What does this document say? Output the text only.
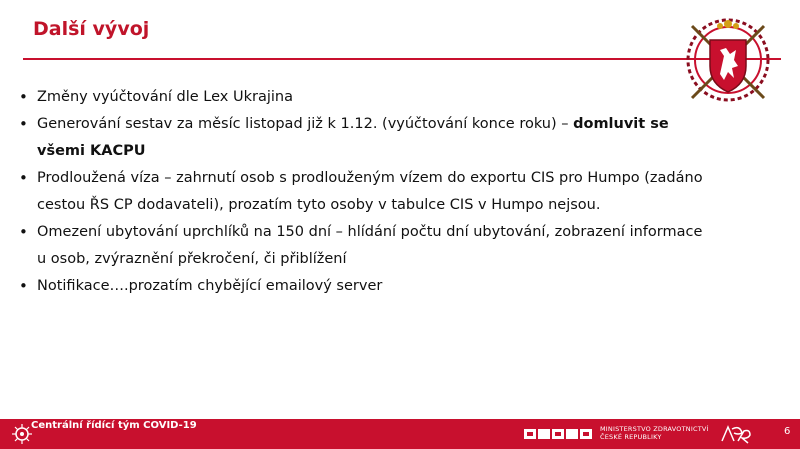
Další vývoj
• Změny vyúčtování dle Lex Ukrajina
• Generování sestav za měsíc listopad již k 1.12. (vyúčtování konce roku) – domluvit se všemi KACPU
• Prodloužená víza – zahrnutí osob s prodlouženým vízem do exportu CIS pro Humpo (zadáno cestou ŘS CP dodavateli), prozatím tyto osoby v tabulce CIS v Humpo nejsou.
• Omezení ubytování uprchlíků na 150 dní – hlídání počtu dní ubytování, zobrazení informace u osob, zvýraznění překročení, či přiblížení
• Notifikace….prozatím chybějící emailový server
Centrální řídící tým COVID-19	MINISTERSTVO ZDRAVOTNICTVÍ
ČESKÉ REPUBLIKY	6
